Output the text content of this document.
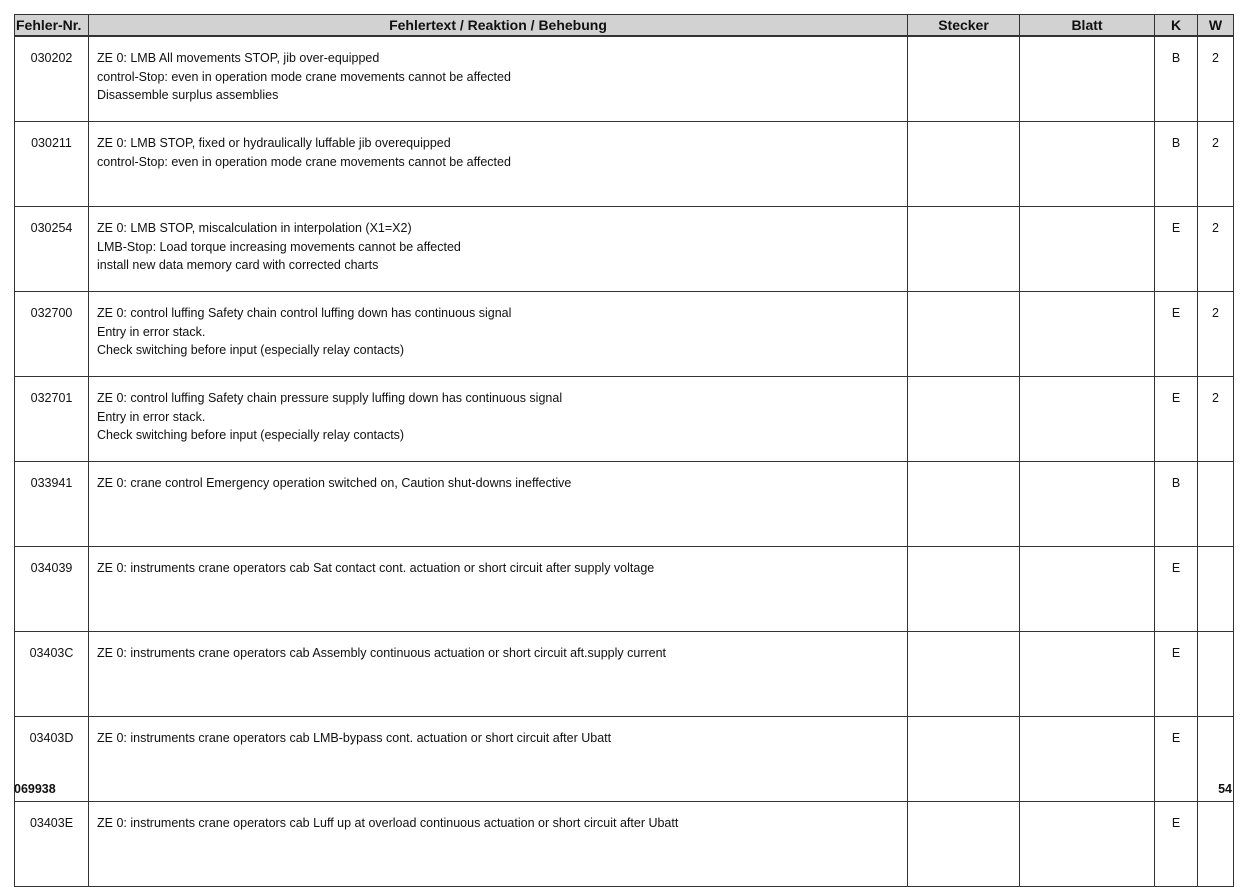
Fehler-Nr.	Fehlertext / Reaktion / Behebung	Stecker	Blatt	K	W
030202	ZE 0: LMB All movements STOP, jib over-equipped
control-Stop: even in operation mode crane movements cannot be affected
Disassemble surplus assemblies			B	2
030211	ZE 0: LMB STOP, fixed or hydraulically luffable jib overequipped
control-Stop: even in operation mode crane movements cannot be affected			B	2
030254	ZE 0: LMB STOP, miscalculation in interpolation (X1=X2)
LMB-Stop: Load torque increasing movements cannot be affected
install new data memory card with corrected charts			E	2
032700	ZE 0: control luffing Safety chain control luffing down has continuous signal
Entry in error stack.
Check switching before input (especially relay contacts)			E	2
032701	ZE 0: control luffing Safety chain pressure supply luffing down has continuous signal
Entry in error stack.
Check switching before input (especially relay contacts)			E	2
033941	ZE 0: crane control Emergency operation switched on, Caution shut-downs ineffective			B	
034039	ZE 0: instruments crane operators cab Sat contact cont. actuation or short circuit after supply voltage			E	
03403C	ZE 0: instruments crane operators cab Assembly continuous actuation or short circuit aft.supply current			E	
03403D	ZE 0: instruments crane operators cab LMB-bypass cont. actuation or short circuit after Ubatt			E	
03403E	ZE 0: instruments crane operators cab Luff up at overload continuous actuation or short circuit after Ubatt			E	
069938	54
